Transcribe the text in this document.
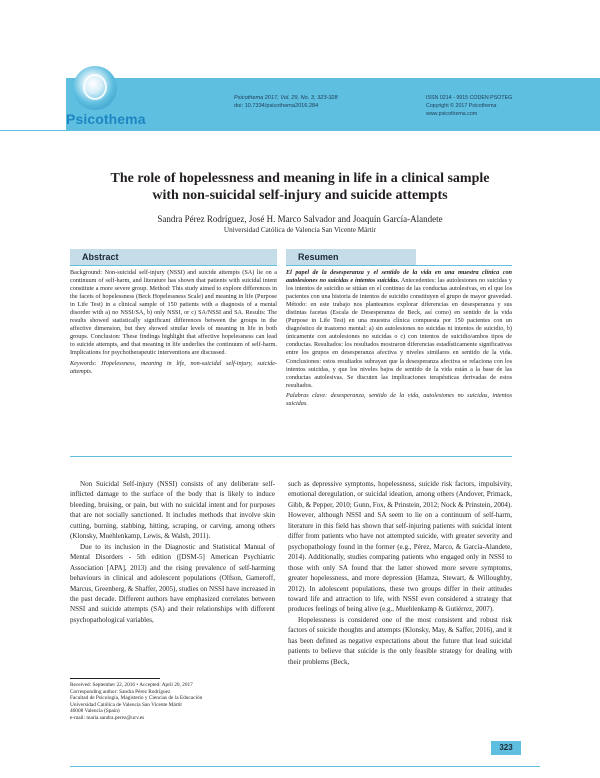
Psicothema
Psicothema 2017, Vol. 29, No. 3, 323-328
doi: 10.7334/psicothema2016.284
ISSN 0214 - 9915 CODEN PSOTEG
Copyright © 2017 Psicothema
www.psicothema.com
The role of hopelessness and meaning in life in a clinical sample
with non-suicidal self-injury and suicide attempts
Sandra Pérez Rodríguez, José H. Marco Salvador and Joaquín García-Alandete
Universidad Católica de Valencia San Vicente Mártir
Abstract	Resumen

Background: Non-suicidal self-injury (NSSI) and suicide attempts (SA) lie on a continuum of self-harm, and literature has shown that patients with suicidal intent constitute a more severe group. Method: This study aimed to explore differences in the facets of hopelessness (Beck Hopelessness Scale) and meaning in life (Purpose in Life Test) in a clinical sample of 150 patients with a diagnosis of a mental disorder with a) no NSSI/SA, b) only NSSI, or c) SA/NSSI and SA. Results: The results showed statistically significant differences between the groups in the affective dimension, but they showed similar levels of meaning in life in both groups. Conclusion: These findings highlight that affective hopelessness can lead to suicide attempts, and that meaning in life underlies the continuum of self-harm. Implications for psychotherapeutic interventions are discussed.

Keywords: Hopelessness, meaning in life, non-suicidal self-injury, suicide-attempts.

El papel de la desesperanza y el sentido de la vida en una muestra clínica con autolesiones no suicidas e intentos suicidas. Antecedentes: las autolesiones no suicidas y los intentos de suicidio se sitúan en el continuo de las conductas autolesivas, en el que los pacientes con una historia de intentos de suicidio constituyen el grupo de mayor gravedad. Método: en este trabajo nos planteamos explorar diferencias en desesperanza y sus distintas facetas (Escala de Desesperanza de Beck, así como) en sentido de la vida (Purpose in Life Test) en una muestra clínica compuesta por 150 pacientes con un diagnóstico de trastorno mental: a) sin autolesiones no suicidas ni intentos de suicidio, b) únicamente con autolesiones no suicidas o c) con intentos de suicidio/ambos tipos de conductas. Resultados: los resultados mostraron diferencias estadísticamente significativas entre los grupos en desesperanza afectiva y niveles similares en sentido de la vida. Conclusiones: estos resultados subrayan que la desesperanza afectiva se relaciona con los intentos suicidas, y que los niveles bajos de sentido de la vida están a la base de las conductas autolesivas. Se discuten las implicaciones terapéuticas derivadas de estos resultados.

Palabras clave: desesperanza, sentido de la vida, autolesiones no suicidas, intentos suicidas.

Non Suicidal Self-injury (NSSI) consists of any deliberate self-inflicted damage to the surface of the body that is likely to induce bleeding, bruising, or pain, but with no suicidal intent and for purposes that are not socially sanctioned. It includes methods that involve skin cutting, burning, stabbing, hitting, scraping, or carving, among others (Klonsky, Muehlenkamp, Lewis, & Walsh, 2011).

Due to its inclusion in the Diagnostic and Statistical Manual of Mental Disorders - 5th edition ([DSM-5] American Psychiatric Association [APA], 2013) and the rising prevalence of self-harming behaviours in clinical and adolescent populations (Olfson, Gameroff, Marcus, Greenberg, & Shaffer, 2005), studies on NSSI have increased in the past decade. Different authors have emphasized correlates between NSSI and suicide attempts (SA) and their relationships with different psychopathological variables,

such as depressive symptoms, hopelessness, suicide risk factors, impulsivity, emotional deregulation, or suicidal ideation, among others (Andover, Primack, Gibb, & Pepper, 2010; Gunn, Fox, & Prinstein, 2012; Nock & Prinstein, 2004). However, although NSSI and SA seem to lie on a continuum of self-harm, literature in this field has shown that self-injuring patients with suicidal intent differ from patients who have not attempted suicide, with greater severity and psychopathology found in the former (e.g., Pérez, Marco, & García-Alandete, 2014). Additionally, studies comparing patients who engaged only in NSSI to those with only SA found that the latter showed more severe symptoms, greater hopelessness, and more depression (Hamza, Stewart, & Willoughby, 2012). In adolescent populations, these two groups differ in their attitudes toward life and attraction to life, with NSSI even considered a strategy that produces feelings of being alive (e.g., Muehlenkamp & Gutiérrez, 2007).

Hopelessness is considered one of the most consistent and robust risk factors of suicide thoughts and attempts (Klonsky, May, & Saffer, 2016), and it has been defined as negative expectations about the future that lead suicidal patients to believe that suicide is the only feasible strategy for dealing with their problems (Beck,

Received: September 22, 2016 • Accepted: April 20, 2017
Corresponding author: Sandra Pérez Rodríguez
Facultad de Psicología, Magisterio y Ciencias de la Educación
Universidad Católica de Valencia San Vicente Mártir
46008 Valencia (Spain)
e-mail: maria.sandra.perez@ucv.es
323
